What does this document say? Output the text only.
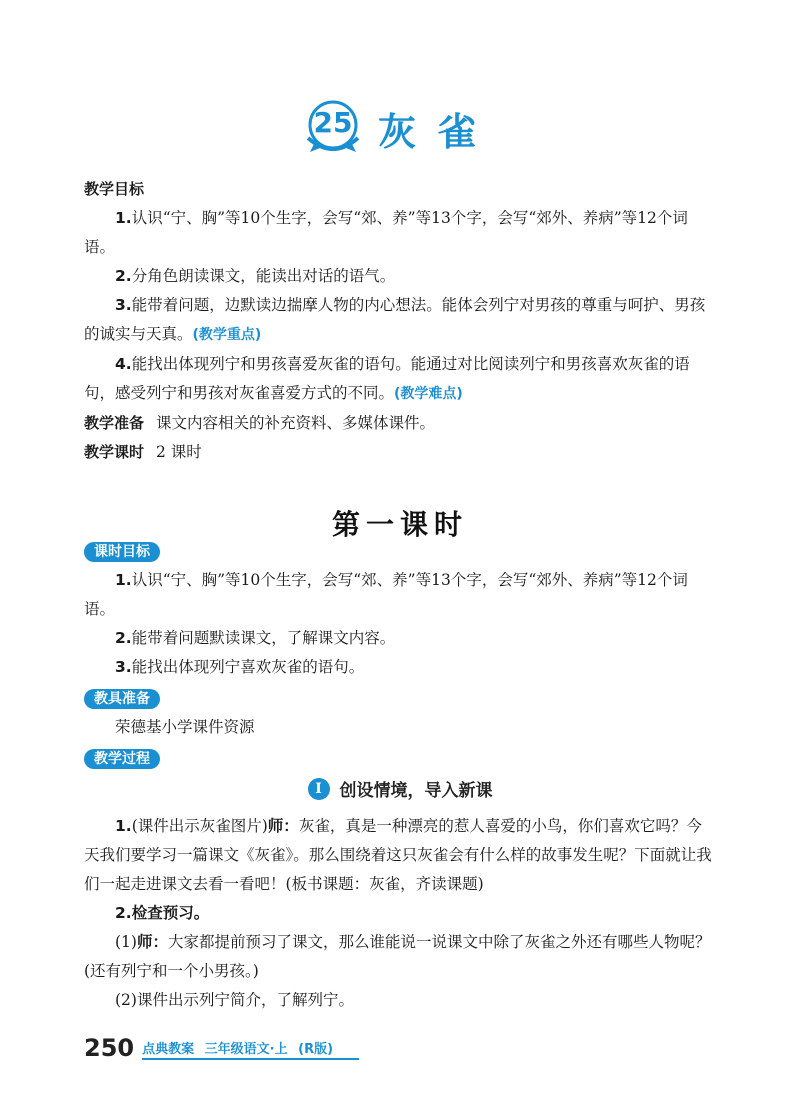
25 灰雀
教学目标

1.认识“宁、胸”等10个生字，会写“郊、养”等13个字，会写“郊外、养病”等12个词语。

2.分角色朗读课文，能读出对话的语气。

3.能带着问题，边默读边揣摩人物的内心想法。能体会列宁对男孩的尊重与呵护、男孩的诚实与天真。(教学重点)

4.能找出体现列宁和男孩喜爱灰雀的语句。能通过对比阅读列宁和男孩喜欢灰雀的语句，感受列宁和男孩对灰雀喜爱方式的不同。(教学难点)

教学准备 课文内容相关的补充资料、多媒体课件。

教学课时 2 课时

第一课时
课时目标

1.认识“宁、胸”等10个生字，会写“郊、养”等13个字，会写“郊外、养病”等12个词语。

2.能带着问题默读课文，了解课文内容。

3.能找出体现列宁喜欢灰雀的语句。

教具准备

荣德基小学课件资源

教学过程
I	创设情境，导入新课

1.(课件出示灰雀图片)师：灰雀，真是一种漂亮的惹人喜爱的小鸟，你们喜欢它吗？今天我们要学习一篇课文《灰雀》。那么围绕着这只灰雀会有什么样的故事发生呢？下面就让我们一起走进课文去看一看吧！(板书课题：灰雀，齐读课题)

2.检查预习。

(1)师：大家都提前预习了课文，那么谁能说一说课文中除了灰雀之外还有哪些人物呢？(还有列宁和一个小男孩。)

(2)课件出示列宁简介，了解列宁。

250 点典教案 三年级语文·上 (R版)
